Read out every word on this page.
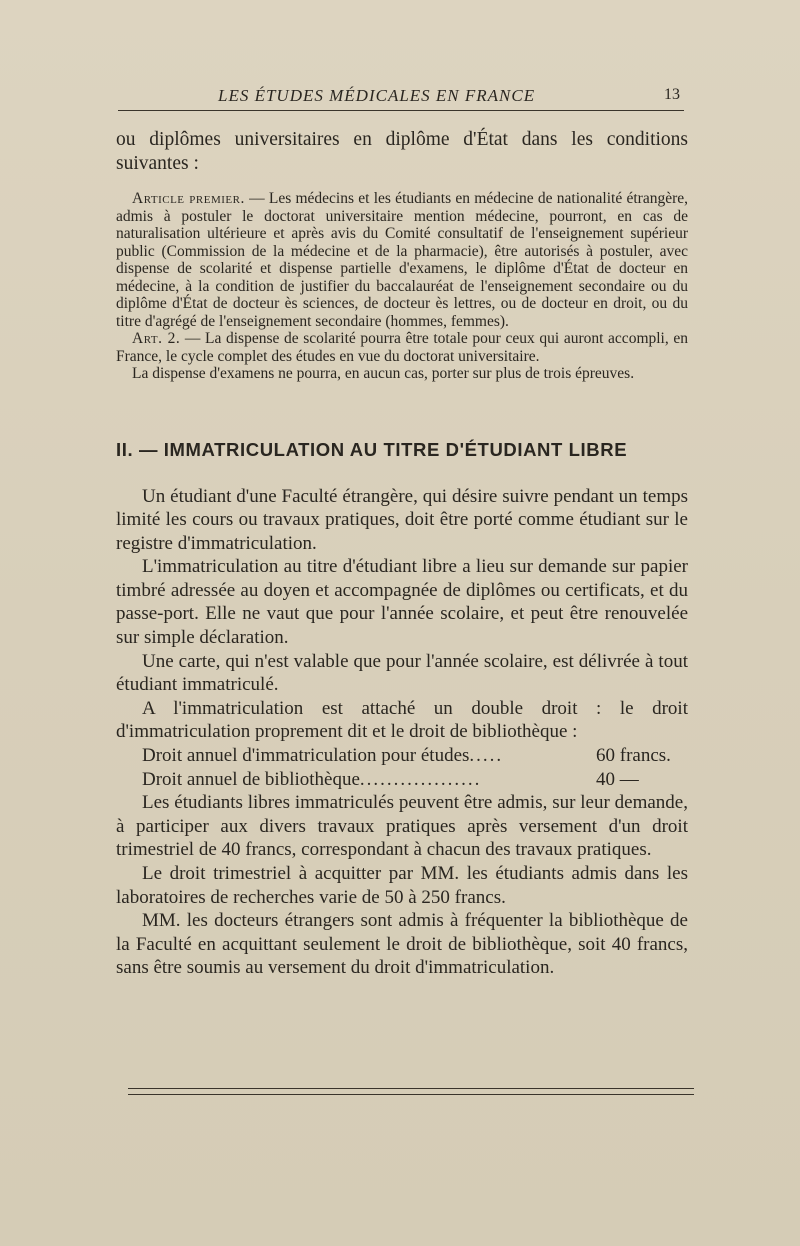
LES ÉTUDES MÉDICALES EN FRANCE	13

ou diplômes universitaires en diplôme d'État dans les conditions suivantes :

Article premier. — Les médecins et les étudiants en médecine de nationalité étrangère, admis à postuler le doctorat universitaire mention médecine, pourront, en cas de naturalisation ultérieure et après avis du Comité consultatif de l'enseignement supérieur public (Commission de la médecine et de la pharmacie), être autorisés à postuler, avec dispense de scolarité et dispense partielle d'examens, le diplôme d'État de docteur en médecine, à la condition de justifier du baccalauréat de l'enseignement secondaire ou du diplôme d'État de docteur ès sciences, de docteur ès lettres, ou de docteur en droit, ou du titre d'agrégé de l'enseignement secondaire (hommes, femmes).

Art. 2. — La dispense de scolarité pourra être totale pour ceux qui auront accompli, en France, le cycle complet des études en vue du doctorat universitaire.

La dispense d'examens ne pourra, en aucun cas, porter sur plus de trois épreuves.

II. — IMMATRICULATION AU TITRE D'ÉTUDIANT LIBRE

Un étudiant d'une Faculté étrangère, qui désire suivre pendant un temps limité les cours ou travaux pratiques, doit être porté comme étudiant sur le registre d'immatriculation.

L'immatriculation au titre d'étudiant libre a lieu sur demande sur papier timbré adressée au doyen et accompagnée de diplômes ou certificats, et du passe-port. Elle ne vaut que pour l'année scolaire, et peut être renouvelée sur simple déclaration.

Une carte, qui n'est valable que pour l'année scolaire, est délivrée à tout étudiant immatriculé.

A l'immatriculation est attaché un double droit : le droit d'immatriculation proprement dit et le droit de bibliothèque :

Droit annuel d'immatriculation pour études .....	60 francs.
Droit annuel de bibliothèque ..................	40 —

Les étudiants libres immatriculés peuvent être admis, sur leur demande, à participer aux divers travaux pratiques après versement d'un droit trimestriel de 40 francs, correspondant à chacun des travaux pratiques.

Le droit trimestriel à acquitter par MM. les étudiants admis dans les laboratoires de recherches varie de 50 à 250 francs.

MM. les docteurs étrangers sont admis à fréquenter la bibliothèque de la Faculté en acquittant seulement le droit de bibliothèque, soit 40 francs, sans être soumis au versement du droit d'immatriculation.
